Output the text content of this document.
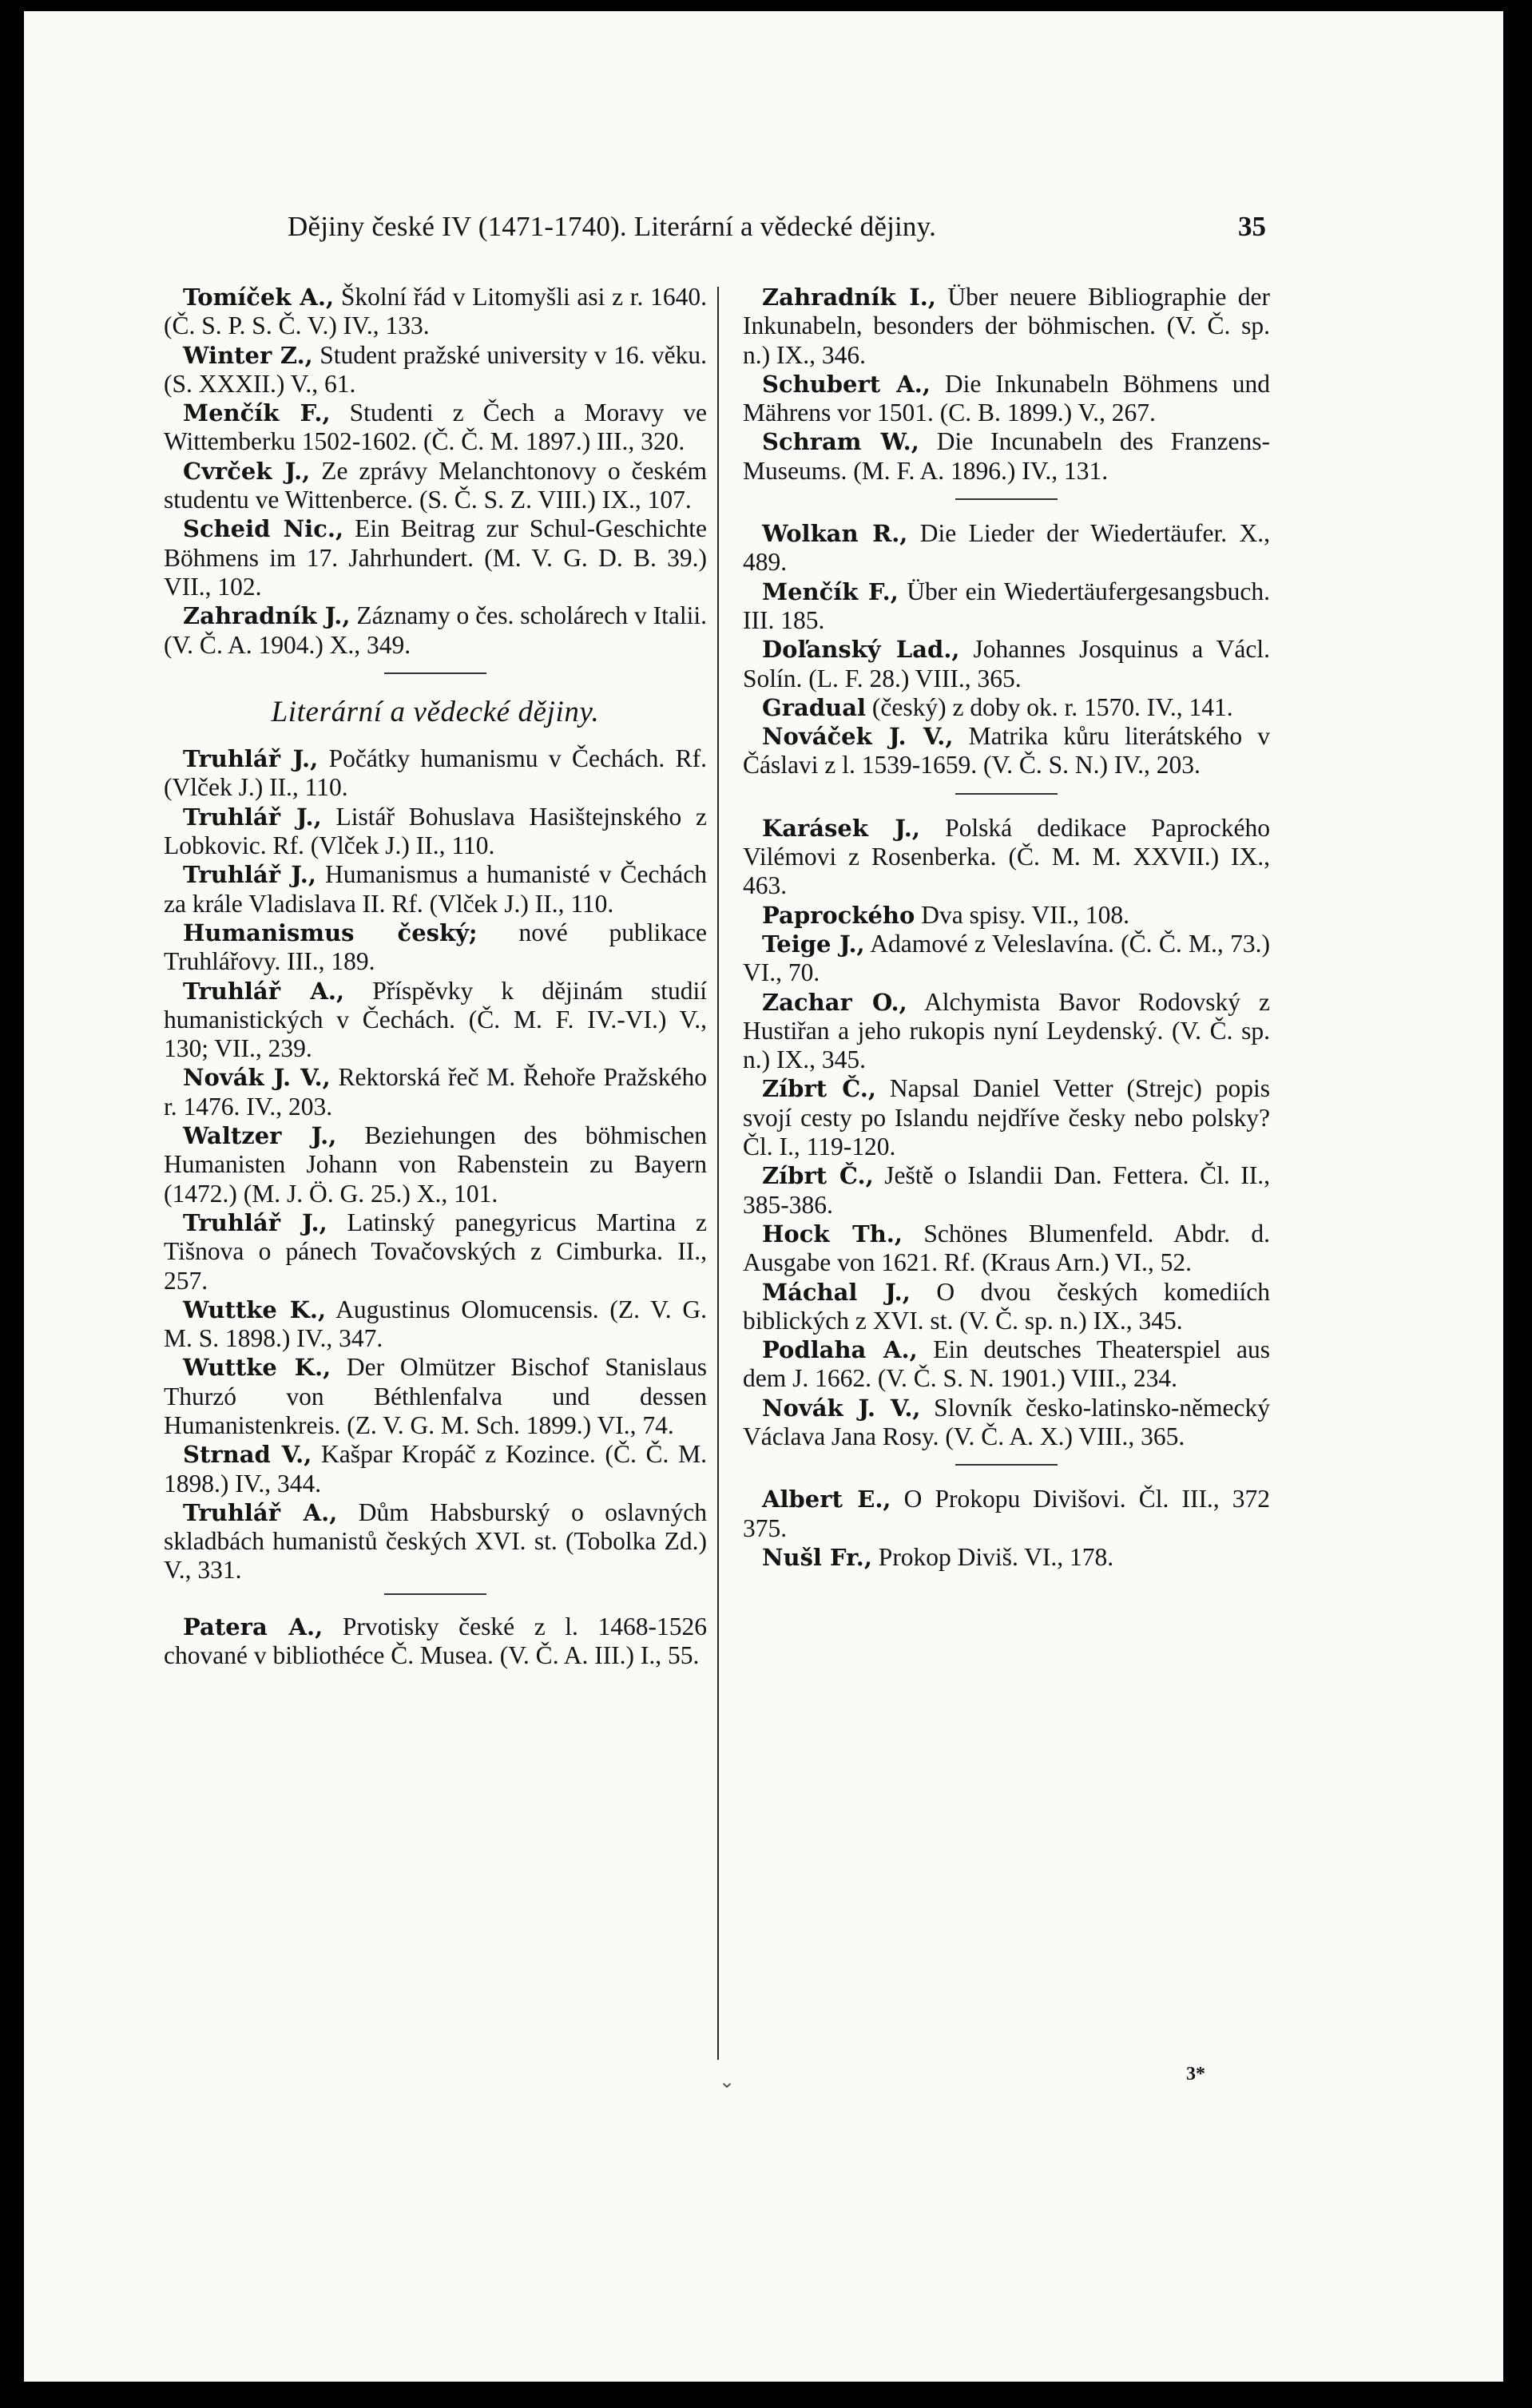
Dějiny české IV (1471-1740). Literární a vědecké dějiny.	35

Tomíček A., Školní řád v Litomyšli asi z r. 1640. (Č. S. P. S. Č. V.) IV., 133.

Winter Z., Student pražské university v 16. věku. (S. XXXII.) V., 61.

Menčík F., Studenti z Čech a Moravy ve Wittemberku 1502-1602. (Č. Č. M. 1897.) III., 320.

Cvrček J., Ze zprávy Melanchtonovy o českém studentu ve Wittenberce. (S. Č. S. Z. VIII.) IX., 107.

Scheid Nic., Ein Beitrag zur Schul-Geschichte Böhmens im 17. Jahrhundert. (M. V. G. D. B. 39.) VII., 102.

Zahradník J., Záznamy o čes. scholárech v Italii. (V. Č. A. 1904.) X., 349.

Literární a vědecké dějiny.

Truhlář J., Počátky humanismu v Čechách. Rf. (Vlček J.) II., 110.

Truhlář J., Listář Bohuslava Hasištejnského z Lobkovic. Rf. (Vlček J.) II., 110.

Truhlář J., Humanismus a humanisté v Čechách za krále Vladislava II. Rf. (Vlček J.) II., 110.

Humanismus český; nové publikace Truhlářovy. III., 189.

Truhlář A., Příspěvky k dějinám studií humanistických v Čechách. (Č. M. F. IV.-VI.) V., 130; VII., 239.

Novák J. V., Rektorská řeč M. Řehoře Pražského r. 1476. IV., 203.

Waltzer J., Beziehungen des böhmischen Humanisten Johann von Rabenstein zu Bayern (1472.) (M. J. Ö. G. 25.) X., 101.

Truhlář J., Latinský panegyricus Martina z Tišnova o pánech Tovačovských z Cimburka. II., 257.

Wuttke K., Augustinus Olomucensis. (Z. V. G. M. S. 1898.) IV., 347.

Wuttke K., Der Olmützer Bischof Stanislaus Thurzó von Béthlenfalva und dessen Humanistenkreis. (Z. V. G. M. Sch. 1899.) VI., 74.

Strnad V., Kašpar Kropáč z Kozince. (Č. Č. M. 1898.) IV., 344.

Truhlář A., Dům Habsburský o oslavných skladbách humanistů českých XVI. st. (Tobolka Zd.) V., 331.

Patera A., Prvotisky české z l. 1468-1526 chované v bibliothéce Č. Musea. (V. Č. A. III.) I., 55.

Zahradník I., Über neuere Bibliographie der Inkunabeln, besonders der böhmischen. (V. Č. sp. n.) IX., 346.

Schubert A., Die Inkunabeln Böhmens und Mährens vor 1501. (C. B. 1899.) V., 267.

Schram W., Die Incunabeln des Franzens-Museums. (M. F. A. 1896.) IV., 131.

Wolkan R., Die Lieder der Wiedertäufer. X., 489.

Menčík F., Über ein Wiedertäufergesangsbuch. III. 185.

Doľanský Lad., Johannes Josquinus a Václ. Solín. (L. F. 28.) VIII., 365.

Gradual (český) z doby ok. r. 1570. IV., 141.

Nováček J. V., Matrika kůru literátského v Čáslavi z l. 1539-1659. (V. Č. S. N.) IV., 203.

Karásek J., Polská dedikace Paprockého Vilémovi z Rosenberka. (Č. M. M. XXVII.) IX., 463.

Paprockého Dva spisy. VII., 108.

Teige J., Adamové z Veleslavína. (Č. Č. M., 73.) VI., 70.

Zachar O., Alchymista Bavor Rodovský z Hustiřan a jeho rukopis nyní Leydenský. (V. Č. sp. n.) IX., 345.

Zíbrt Č., Napsal Daniel Vetter (Strejc) popis svojí cesty po Islandu nejdříve česky nebo polsky? Čl. I., 119-120.

Zíbrt Č., Ještě o Islandii Dan. Fettera. Čl. II., 385-386.

Hock Th., Schönes Blumenfeld. Abdr. d. Ausgabe von 1621. Rf. (Kraus Arn.) VI., 52.

Máchal J., O dvou českých komediích biblických z XVI. st. (V. Č. sp. n.) IX., 345.

Podlaha A., Ein deutsches Theaterspiel aus dem J. 1662. (V. Č. S. N. 1901.) VIII., 234.

Novák J. V., Slovník česko-latinsko-německý Václava Jana Rosy. (V. Č. A. X.) VIII., 365.

Albert E., O Prokopu Divišovi. Čl. III., 372 375.

Nušl Fr., Prokop Diviš. VI., 178.

⌄	3*
